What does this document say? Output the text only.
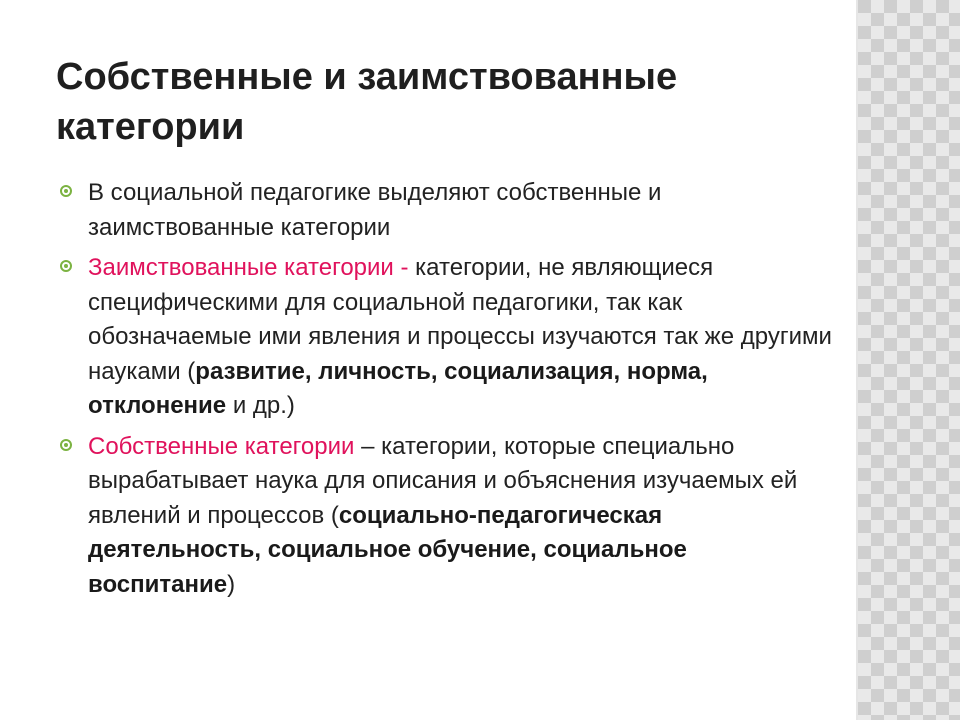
Собственные и заимствованные категории
В социальной педагогике выделяют собственные и заимствованные категории
Заимствованные категории - категории, не являющиеся специфическими для социальной педагогики, так как обозначаемые ими явления и процессы изучаются так же другими науками (развитие, личность, социализация, норма, отклонение и др.)
Собственные категории – категории, которые специально вырабатывает наука для описания и объяснения изучаемых ей явлений и процессов (социально-педагогическая деятельность, социальное обучение, социальное воспитание)
